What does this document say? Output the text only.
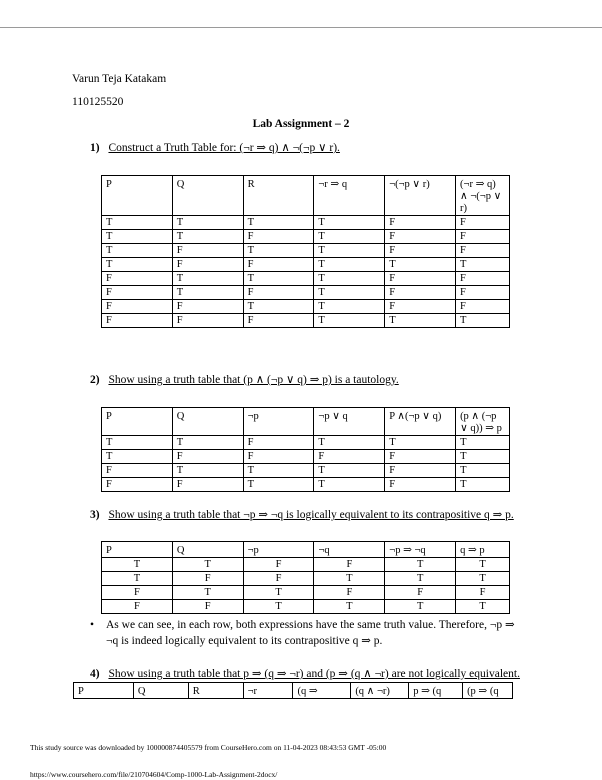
Varun Teja Katakam
110125520
Lab Assignment – 2
1) Construct a Truth Table for: (¬r ⇒ q) ∧ ¬(¬p ∨ r).
P	Q	R	¬r ⇒ q	¬(¬p ∨ r)	(¬r ⇒ q) ∧ ¬(¬p ∨ r)
T	T	T	T	F	F
T	T	F	T	F	F
T	F	T	T	F	F
T	F	F	T	T	T
F	T	T	T	F	F
F	T	F	T	F	F
F	F	T	T	F	F
F	F	F	T	T	T
2) Show using a truth table that (p ∧ (¬p ∨ q) ⇒ p) is a tautology.
P	Q	¬p	¬p ∨ q	P ∧(¬p ∨ q)	(p ∧ (¬p ∨ q)) ⇒ p
T	T	F	T	T	T
T	F	F	F	F	T
F	T	T	T	F	T
F	F	T	T	F	T
3) Show using a truth table that ¬p ⇒ ¬q is logically equivalent to its contrapositive q ⇒ p.
P	Q	¬p	¬q	¬p ⇒ ¬q	q ⇒ p
T	T	F	F	T	T
T	F	F	T	T	T
F	T	T	F	F	F
F	F	T	T	T	T
• As we can see, in each row, both expressions have the same truth value. Therefore, ¬p ⇒
¬q is indeed logically equivalent to its contrapositive q ⇒ p.
4) Show using a truth table that p ⇒ (q ⇒ ¬r) and (p ⇒ (q ∧ ¬r) are not logically equivalent.
P	Q	R	¬r	(q ⇒	(q ∧ ¬r)	p ⇒ (q	(p ⇒ (q
This study source was downloaded by 100000874405579 from CourseHero.com on 11-04-2023 08:43:53 GMT -05:00
https://www.coursehero.com/file/210704604/Comp-1000-Lab-Assignment-2docx/
